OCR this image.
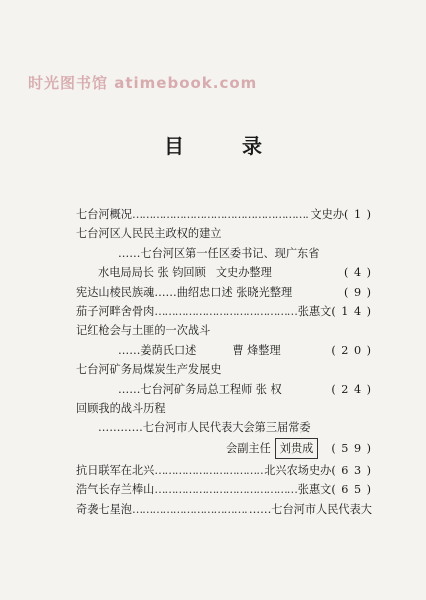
时光图书馆 atimebook.com
目录
七台河概况 ……………………………………………………………………	文史办 ( 1 )
七台河区人民民主政权的建立
……七台河区第一任区委书记、现广东省
水电局局长 张 钧回顾 文史办整理	( 4 )
宪达山棱民族魂 ……曲绍忠口述 张晓光整理	( 9 )
茄子河畔舍骨肉 ……………………………………………………………………	张惠文 ( 1 4 )
记红枪会与土匪的一次战斗
……姜荫氏口述	曹 烽整理	( 2 0 )
七台河矿务局煤炭生产发展史
……七台河矿务局总工程师 张 权	( 2 4 )
回顾我的战斗历程
…………七台河市人民代表大会第三届常委
会副主任 刘贵成	( 5 9 )
抗日联军在北兴 ……………………………………………………………………	北兴农场史办 ( 6 3 )
浩气长存兰棒山 ……………………………………………………………………	张惠文 ( 6 5 )
奇袭七星泡 ……………………………………………………………………	……七台河市人民代表大
